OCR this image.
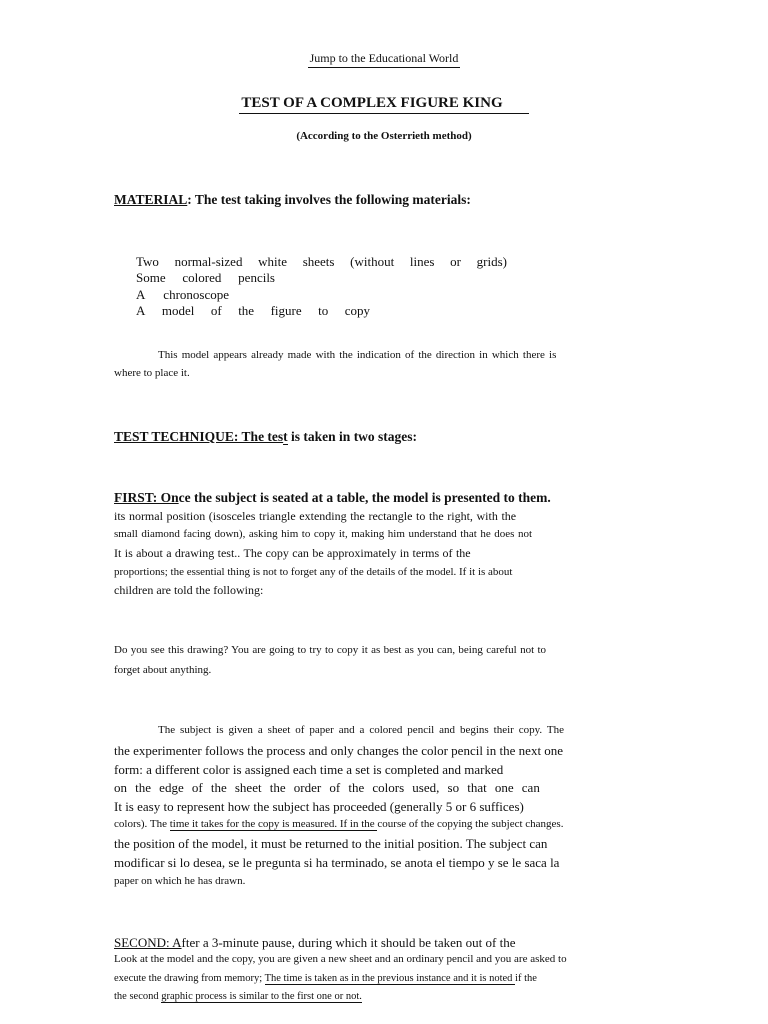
Jump to the Educational World
TEST OF A COMPLEX FIGURE KING
(According to the Osterrieth method)
MATERIAL: The test taking involves the following materials:
Two normal-sized white sheets (without lines or grids)
Some colored pencils
A chronoscope
A model of the figure to copy
This model appears already made with the indication of the direction in which there is
where to place it.
TEST TECHNIQUE: The test is taken in two stages:
FIRST: Once the subject is seated at a table, the model is presented to them.
its normal position (isosceles triangle extending the rectangle to the right, with the
small diamond facing down), asking him to copy it, making him understand that he does not
It is about a drawing test.. The copy can be approximately in terms of the
proportions; the essential thing is not to forget any of the details of the model. If it is about
children are told the following:
Do you see this drawing? You are going to try to copy it as best as you can, being careful not to
forget about anything.
The subject is given a sheet of paper and a colored pencil and begins their copy. The
the experimenter follows the process and only changes the color pencil in the next one
form: a different color is assigned each time a set is completed and marked
on the edge of the sheet the order of the colors used, so that one can
It is easy to represent how the subject has proceeded (generally 5 or 6 suffices)
colors). The time it takes for the copy is measured. If in the course of the copying the subject changes.
the position of the model, it must be returned to the initial position. The subject can
modificar si lo desea, se le pregunta si ha terminado, se anota el tiempo y se le saca la
paper on which he has drawn.
SECOND: After a 3-minute pause, during which it should be taken out of the
Look at the model and the copy, you are given a new sheet and an ordinary pencil and you are asked to
execute the drawing from memory; The time is taken as in the previous instance and it is noted if the
the second graphic process is similar to the first one or not.
